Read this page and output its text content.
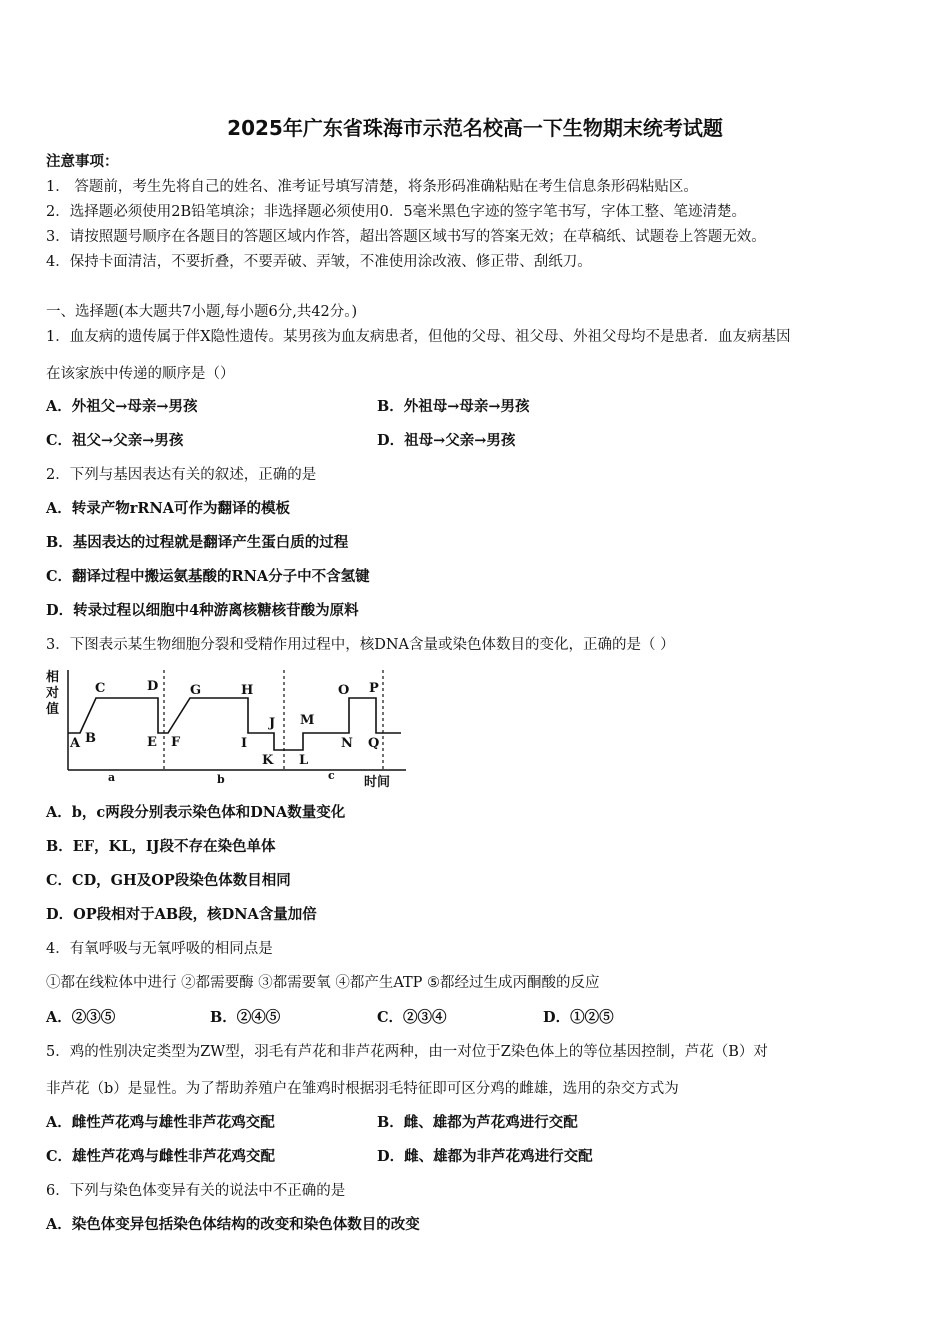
2025年广东省珠海市示范名校高一下生物期末统考试题
注意事项：
1． 答题前，考生先将自己的姓名、准考证号填写清楚，将条形码准确粘贴在考生信息条形码粘贴区。
2．选择题必须使用2B铅笔填涂；非选择题必须使用0．5毫米黑色字迹的签字笔书写，字体工整、笔迹清楚。
3．请按照题号顺序在各题目的答题区域内作答，超出答题区域书写的答案无效；在草稿纸、试题卷上答题无效。
4．保持卡面清洁，不要折叠，不要弄破、弄皱，不准使用涂改液、修正带、刮纸刀。
一、选择题(本大题共7小题,每小题6分,共42分。)
1．血友病的遗传属于伴X隐性遗传。某男孩为血友病患者，但他的父母、祖父母、外祖父母均不是患者．血友病基因
在该家族中传递的顺序是（）
A．外祖父→母亲→男孩	B．外祖母→母亲→男孩
C．祖父→父亲→男孩	D．祖母→父亲→男孩
2．下列与基因表达有关的叙述，正确的是
A．转录产物rRNA可作为翻译的模板
B．基因表达的过程就是翻译产生蛋白质的过程
C．翻译过程中搬运氨基酸的RNA分子中不含氢键
D．转录过程以细胞中4种游离核糖核苷酸为原料
3．下图表示某生物细胞分裂和受精作用过程中，核DNA含量或染色体数目的变化，正确的是（ ）
相
对
值
A B
C	D
E F
G	H
I
J
K L
M
N
O P
Q
a	b	c 时间
A．b，c两段分别表示染色体和DNA数量变化
B．EF，KL，IJ段不存在染色单体
C．CD，GH及OP段染色体数目相同
D．OP段相对于AB段，核DNA含量加倍
4．有氧呼吸与无氧呼吸的相同点是
①都在线粒体中进行 ②都需要酶 ③都需要氧 ④都产生ATP ⑤都经过生成丙酮酸的反应
A．②③⑤	B．②④⑤	C．②③④	D．①②⑤
5．鸡的性别决定类型为ZW型，羽毛有芦花和非芦花两种，由一对位于Z染色体上的等位基因控制，芦花（B）对
非芦花（b）是显性。为了帮助养殖户在雏鸡时根据羽毛特征即可区分鸡的雌雄，选用的杂交方式为
A．雌性芦花鸡与雄性非芦花鸡交配	B．雌、雄都为芦花鸡进行交配
C．雄性芦花鸡与雌性非芦花鸡交配	D．雌、雄都为非芦花鸡进行交配
6．下列与染色体变异有关的说法中不正确的是
A．染色体变异包括染色体结构的改变和染色体数目的改变
